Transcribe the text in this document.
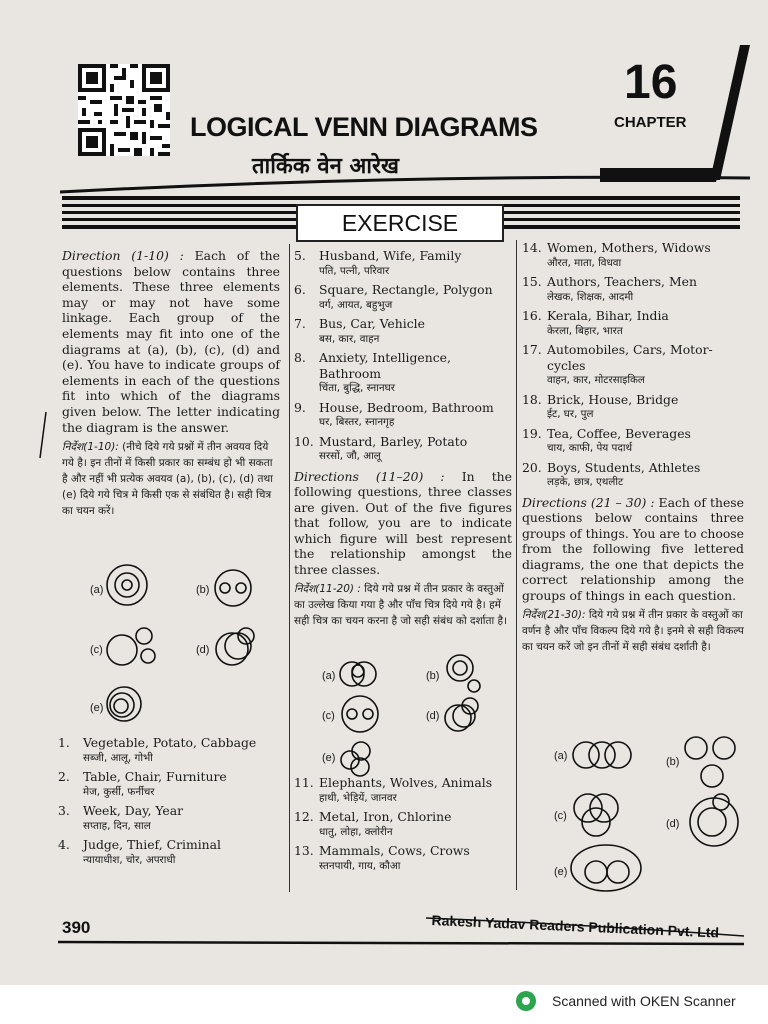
LOGICAL VENN DIAGRAMS
तार्किक वेन आरेख
16
CHAPTER
EXERCISE

Direction (1-10) : Each of the questions below contains three elements. These three elements may or may not have some linkage. Each group of the elements may fit into one of the diagrams at (a), (b), (c), (d) and (e). You have to indicate groups of elements in each of the questions fit into which of the diagrams given below. The letter indicating the diagram is the answer.

निर्देश(1-10): (नीचे दिये गये प्रश्नों में तीन अवयव दिये गये है। इन तीनों में किसी प्रकार का सम्बंध हो भी सकता है और नहीं भी प्रत्येक अवयव (a), (b), (c), (d) तथा (e) दिये गये चित्र मे किसी एक से संबंधित है। सही चित्र का चयन करें।

(a)	(b)
(c)	(d)
(e)
1.	Vegetable, Potato, Cabbage
सब्जी, आलू, गोभी
2.	Table, Chair, Furniture
मेज, कुर्सी, फर्नीचर
3.	Week, Day, Year
सप्ताह, दिन, साल
4.	Judge, Thief, Criminal
न्यायाधीश, चोर, अपराधी
5.	Husband, Wife, Family
पति, पत्नी, परिवार
6.	Square, Rectangle, Polygon
वर्ग, आयत, बहुभुज
7.	Bus, Car, Vehicle
बस, कार, वाहन
8.	Anxiety, Intelligence, Bathroom
चिंता, बुद्धि, स्नानघर
9.	House, Bedroom, Bathroom
घर, बिस्तर, स्नानगृह
10. Mustard, Barley, Potato
सरसों, जौ, आलू

Directions (11–20) : In the following questions, three classes are given. Out of the five figures that follow, you are to indicate which figure will best represent the relationship amongst the three classes.

निर्देश(11-20) : दिये गये प्रश्न में तीन प्रकार के वस्तुओं का उल्लेख किया गया है और पाँच चित्र दिये गये है। हमें सही चित्र का चयन करना है जो सही संबंध को दर्शाता है।

(a)	(b)
(c)	(d)
(e)
11. Elephants, Wolves, Animals
हाथी, भेड़ियें, जानवर
12. Metal, Iron, Chlorine
धातु, लोहा, क्लोरीन
13. Mammals, Cows, Crows
स्तनपायी, गाय, कौआ
14. Women, Mothers, Widows
औरत, माता, विधवा
15. Authors, Teachers, Men
लेखक, शिक्षक, आदमी
16. Kerala, Bihar, India
केरला, बिहार, भारत
17. Automobiles, Cars, Motor-cycles
वाहन, कार, मोटरसाइकिल
18. Brick, House, Bridge
ईट, घर, पुल
19. Tea, Coffee, Beverages
चाय, काफी, पेय पदार्थ
20. Boys, Students, Athletes
लड़के, छात्र, एथलीट

Directions (21 – 30) : Each of these questions below contains three groups of things. You are to choose from the following five lettered diagrams, the one that depicts the correct relationship among the groups of things in each question.

निर्देश(21-30): दिये गये प्रश्न में तीन प्रकार के वस्तुओं का वर्णन है और पाँच विकल्प दिये गये है। इनमे से सही विकल्प का चयन करें जो इन तीनों में सही संबंध दर्शाती है।

(a)	(b)
(c)
(d)
(e)
390	Rakesh Yadav Readers Publication Pvt. Ltd
Scanned with OKEN Scanner
